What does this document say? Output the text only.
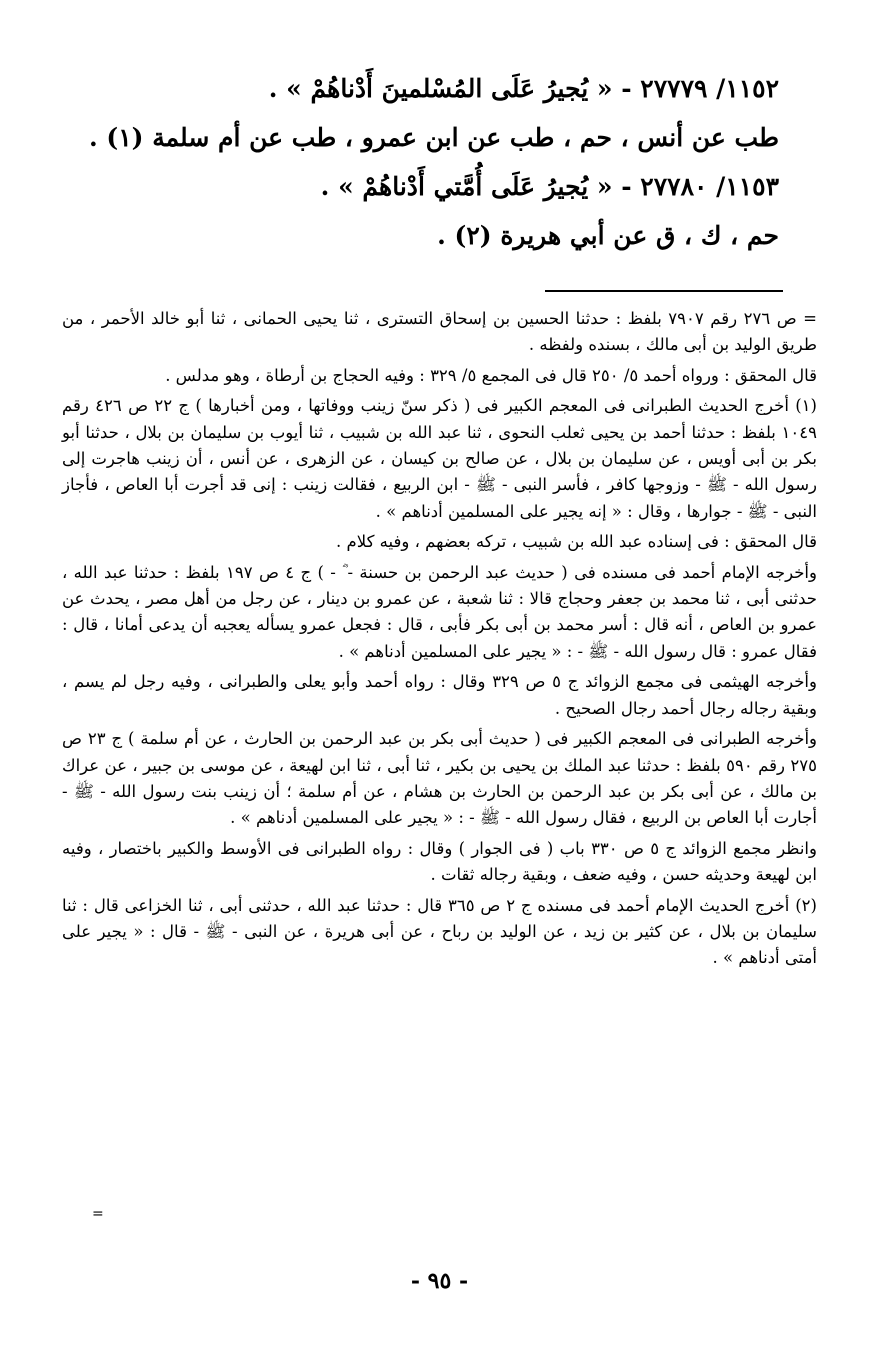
١١٥٢/ ٢٧٧٧٩ - « يُجيرُ عَلَى المُسْلمينَ أَدْناهُمْ » .
طب عن أنس ، حم ، طب عن ابن عمرو ، طب عن أم سلمة (١) .
١١٥٣/ ٢٧٧٨٠ - « يُجيرُ عَلَى أُمَّتي أَدْناهُمْ » .
حم ، ك ، ق عن أبي هريرة (٢) .

= ص ٢٧٦ رقم ٧٩٠٧ بلفظ : حدثنا الحسين بن إسحاق التسترى ، ثنا يحيى الحمانى ، ثنا أبو خالد الأحمر ، من طريق الوليد بن أبى مالك ، بسنده ولفظه .

قال المحقق : ورواه أحمد ٥/ ٢٥٠ قال فى المجمع ٥/ ٣٢٩ : وفيه الحجاج بن أرطاة ، وهو مدلس .

(١) أخرج الحديث الطبرانى فى المعجم الكبير فى ( ذكر سنّ زينب ووفاتها ، ومن أخبارها ) ج ٢٢ ص ٤٢٦ رقم ١٠٤٩ بلفظ : حدثنا أحمد بن يحيى ثعلب النحوى ، ثنا عبد الله بن شبيب ، ثنا أيوب بن سليمان بن بلال ، حدثنا أبو بكر بن أبى أويس ، عن سليمان بن بلال ، عن صالح بن كيسان ، عن الزهرى ، عن أنس ، أن زينب هاجرت إلى رسول الله - ﷺ - وزوجها كافر ، فأسر النبى - ﷺ - ابن الربيع ، فقالت زينب : إنى قد أجرت أبا العاص ، فأجاز النبى - ﷺ - جوارها ، وقال : « إنه يجير على المسلمين أدناهم » .

قال المحقق : فى إسناده عبد الله بن شبيب ، تركه بعضهم ، وفيه كلام .

وأخرجه الإمام أحمد فى مسنده فى ( حديث عبد الرحمن بن حسنة - ؓ - ) ج ٤ ص ١٩٧ بلفظ : حدثنا عبد الله ، حدثنى أبى ، ثنا محمد بن جعفر وحجاج قالا : ثنا شعبة ، عن عمرو بن دينار ، عن رجل من أهل مصر ، يحدث عن عمرو بن العاص ، أنه قال : أسر محمد بن أبى بكر فأبى ، قال : فجعل عمرو يسأله يعجبه أن يدعى أمانا ، قال : فقال عمرو : قال رسول الله - ﷺ - : « يجير على المسلمين أدناهم » .

وأخرجه الهيثمى فى مجمع الزوائد ج ٥ ص ٣٢٩ وقال : رواه أحمد وأبو يعلى والطبرانى ، وفيه رجل لم يسم ، وبقية رجاله رجال أحمد رجال الصحيح .

وأخرجه الطبرانى فى المعجم الكبير فى ( حديث أبى بكر بن عبد الرحمن بن الحارث ، عن أم سلمة ) ج ٢٣ ص ٢٧٥ رقم ٥٩٠ بلفظ : حدثنا عبد الملك بن يحيى بن بكير ، ثنا أبى ، ثنا ابن لهيعة ، عن موسى بن جبير ، عن عراك بن مالك ، عن أبى بكر بن عبد الرحمن بن الحارث بن هشام ، عن أم سلمة ؛ أن زينب بنت رسول الله - ﷺ - أجارت أبا العاص بن الربيع ، فقال رسول الله - ﷺ - : « يجير على المسلمين أدناهم » .

وانظر مجمع الزوائد ج ٥ ص ٣٣٠ باب ( فى الجوار ) وقال : رواه الطبرانى فى الأوسط والكبير باختصار ، وفيه ابن لهيعة وحديثه حسن ، وفيه ضعف ، وبقية رجاله ثقات .

(٢) أخرج الحديث الإمام أحمد فى مسنده ج ٢ ص ٣٦٥ قال : حدثنا عبد الله ، حدثنى أبى ، ثنا الخزاعى قال : ثنا سليمان بن بلال ، عن كثير بن زيد ، عن الوليد بن رباح ، عن أبى هريرة ، عن النبى - ﷺ - قال : « يجير على أمتى أدناهم » .

=
- ٩٥ -
